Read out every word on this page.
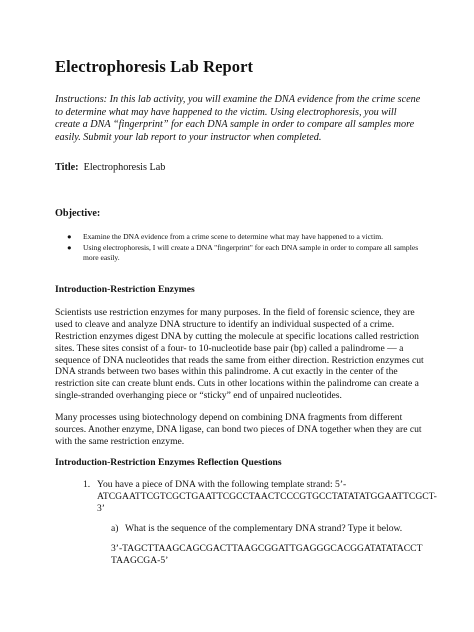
Electrophoresis Lab Report

Instructions: In this lab activity, you will examine the DNA evidence from the crime scene to determine what may have happened to the victim. Using electrophoresis, you will create a DNA “fingerprint” for each DNA sample in order to compare all samples more easily. Submit your lab report to your instructor when completed.

Title: Electrophoresis Lab
Objective:
● Examine the DNA evidence from a crime scene to determine what may have happened to a victim.
● Using electrophoresis, I will create a DNA "fingerprint" for each DNA sample in order to compare all samples more easily.
Introduction-Restriction Enzymes

Scientists use restriction enzymes for many purposes. In the field of forensic science, they are used to cleave and analyze DNA structure to identify an individual suspected of a crime. Restriction enzymes digest DNA by cutting the molecule at specific locations called restriction sites. These sites consist of a four- to 10-nucleotide base pair (bp) called a palindrome — a sequence of DNA nucleotides that reads the same from either direction. Restriction enzymes cut DNA strands between two bases within this palindrome. A cut exactly in the center of the restriction site can create blunt ends. Cuts in other locations within the palindrome can create a single-stranded overhanging piece or “sticky” end of unpaired nucleotides.

Many processes using biotechnology depend on combining DNA fragments from different sources. Another enzyme, DNA ligase, can bond two pieces of DNA together when they are cut with the same restriction enzyme.

Introduction-Restriction Enzymes Reflection Questions
1. You have a piece of DNA with the following template strand: 5’-ATCGAATTCGTCGCTGAATTCGCCTAACTCCCGTGCCTATATATGGAATTCGCT-3’
a) What is the sequence of the complementary DNA strand? Type it below.
3’-TAGCTTAAGCAGCGACTTAAGCGGATTGAGGGCACGGATATATACCTTAAGCGA-5’
